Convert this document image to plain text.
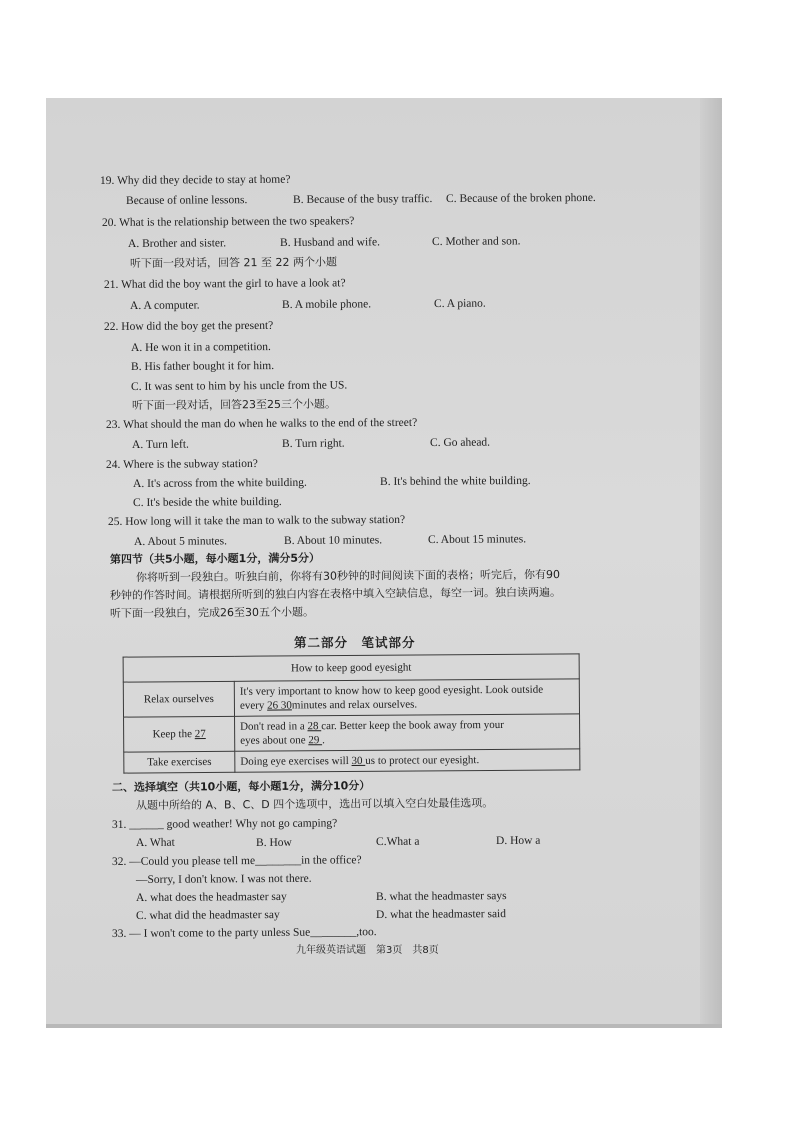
19. Why did they decide to stay at home?
Because of online lessons.	B. Because of the busy traffic. C. Because of the broken phone.
20. What is the relationship between the two speakers?
A. Brother and sister.	B. Husband and wife.	C. Mother and son.
听下面一段对话，回答 21 至 22 两个小题
21. What did the boy want the girl to have a look at?
A. A computer.	B. A mobile phone.	C. A piano.
22. How did the boy get the present?
A. He won it in a competition.
B. His father bought it for him.
C. It was sent to him by his uncle from the US.
听下面一段对话，回答23至25三个小题。
23. What should the man do when he walks to the end of the street?
A. Turn left.	B. Turn right.	C. Go ahead.
24. Where is the subway station?
A. It's across from the white building.	B. It's behind the white building.
C. It's beside the white building.
25. How long will it take the man to walk to the subway station?
A. About 5 minutes.	B. About 10 minutes.	C. About 15 minutes.
第四节（共5小题，每小题1分，满分5分）
你将听到一段独白。听独白前，你将有30秒钟的时间阅读下面的表格；听完后，你有90
秒钟的作答时间。请根据所听到的独白内容在表格中填入空缺信息，每空一词。独白读两遍。
听下面一段独白，完成26至30五个小题。
第二部分　笔试部分
How to keep good eyesight	
Relax ourselves	It's very important to know how to keep good eyesight. Look outside
every 26 30minutes and relax ourselves.
Keep the 27	Don't read in a 28 car. Better keep the book away from your
eyes about one 29 .
Take exercises	Doing eye exercises will 30 us to protect our eyesight.
二、选择填空（共10小题，每小题1分，满分10分）
从题中所给的 A、B、C、D 四个选项中，选出可以填入空白处最佳选项。
31. ______ good weather! Why not go camping?
A. What	B. How	C.What a	D. How a
32. —Could you please tell me________in the office?
—Sorry, I don't know. I was not there.
A. what does the headmaster say	B. what the headmaster says
C. what did the headmaster say	D. what the headmaster said
33. — I won't come to the party unless Sue________,too.
九年级英语试题　第3页　共8页
